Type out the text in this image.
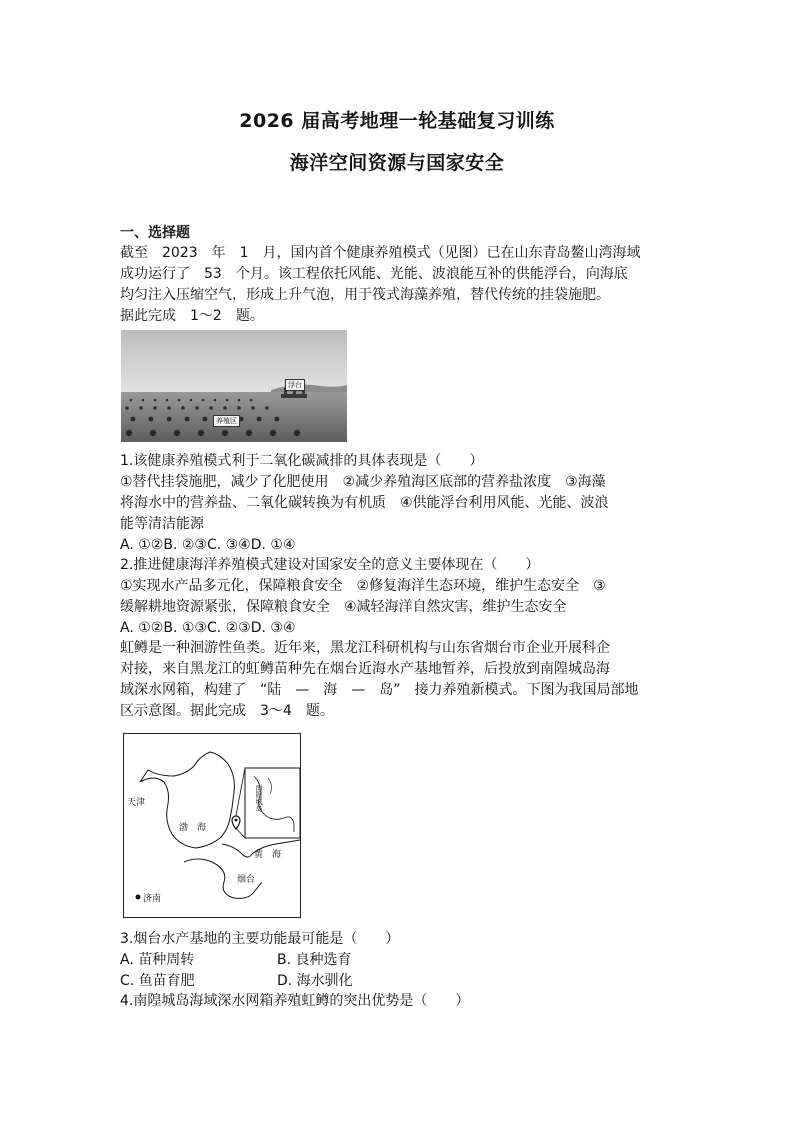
2026 届高考地理一轮基础复习训练
海洋空间资源与国家安全
一、选择题
截至　2023　年　1　月，国内首个健康养殖模式（见图）已在山东青岛鳌山湾海域
成功运行了　53　个月。该工程依托风能、光能、波浪能互补的供能浮台，向海底
均匀注入压缩空气，形成上升气泡，用于筏式海藻养殖，替代传统的挂袋施肥。
据此完成　1～2　题。
浮台
养殖区
1.该健康养殖模式利于二氧化碳减排的具体表现是（　　）
①替代挂袋施肥，减少了化肥使用　②减少养殖海区底部的营养盐浓度　③海藻
将海水中的营养盐、二氧化碳转换为有机质　④供能浮台利用风能、光能、波浪
能等清洁能源
A. ①②B. ②③C. ③④D. ①④
2.推进健康海洋养殖模式建设对国家安全的意义主要体现在（　　）
①实现水产品多元化，保障粮食安全　②修复海洋生态环境，维护生态安全　③
缓解耕地资源紧张，保障粮食安全　④减轻海洋自然灾害，维护生态安全
A. ①②B. ①③C. ②③D. ③④
虹鳟是一种洄游性鱼类。近年来，黑龙江科研机构与山东省烟台市企业开展科企
对接，来自黑龙江的虹鳟苗种先在烟台近海水产基地暂养，后投放到南隍城岛海
域深水网箱，构建了　“陆　—　海　—　岛”　接力养殖新模式。下图为我国局部地
区示意图。据此完成　3～4　题。
天津
渤　海
黄　海
烟台
济南
南隍城岛
3.烟台水产基地的主要功能最可能是（　　）
A. 苗种周转	B. 良种选育
C. 鱼苗育肥	D. 海水驯化
4.南隍城岛海域深水网箱养殖虹鳟的突出优势是（　　）
